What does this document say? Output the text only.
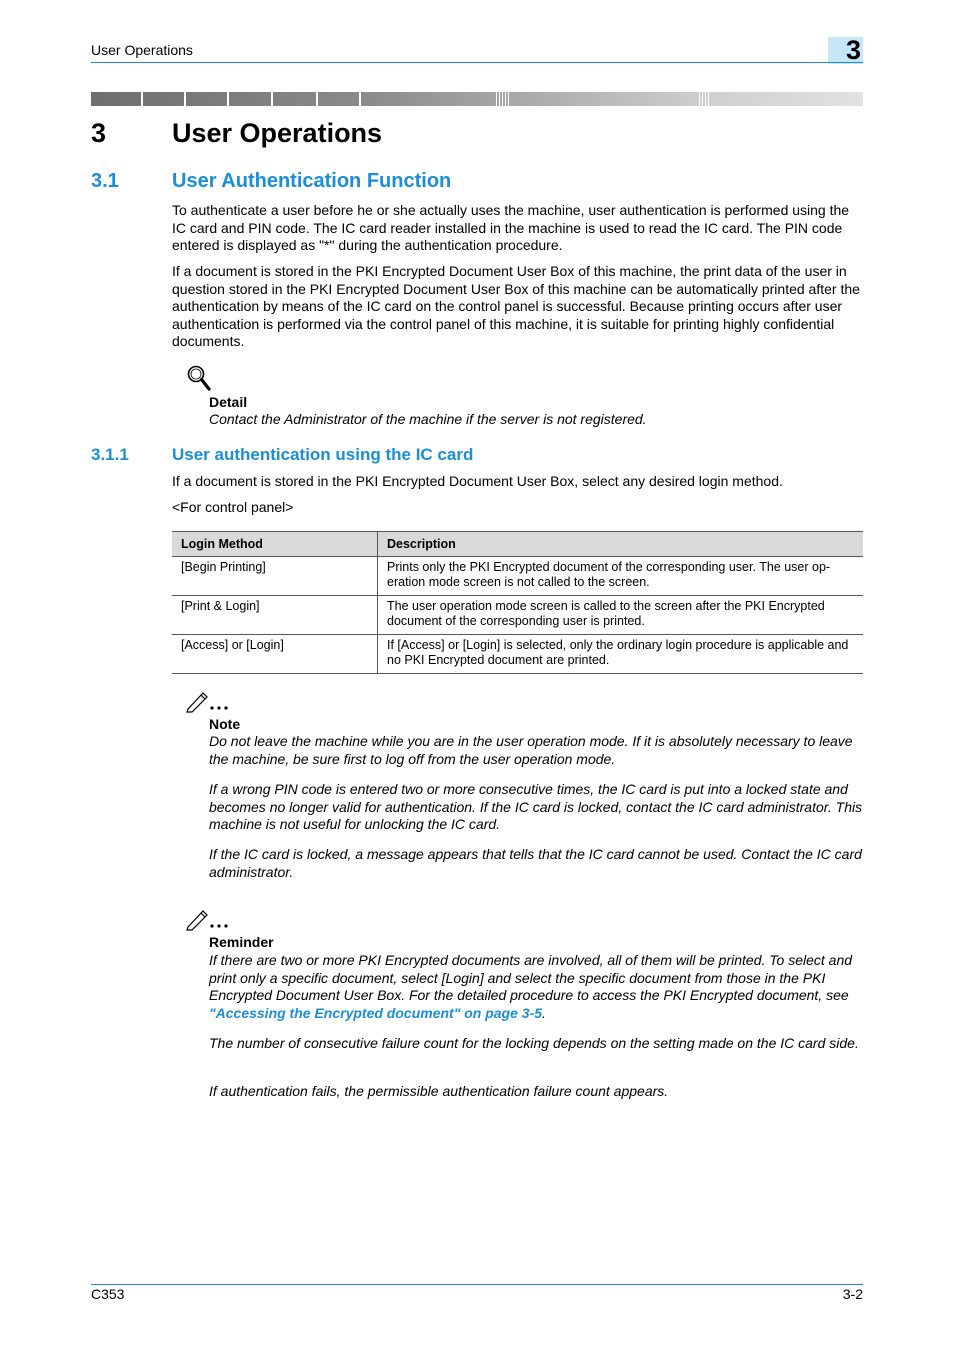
User Operations	3
3 User Operations
3.1	User Authentication Function
To authenticate a user before he or she actually uses the machine, user authentication is performed using the IC card and PIN code. The IC card reader installed in the machine is used to read the IC card. The PIN code entered is displayed as "*" during the authentication procedure.
If a document is stored in the PKI Encrypted Document User Box of this machine, the print data of the user in question stored in the PKI Encrypted Document User Box of this machine can be automatically printed after the authentication by means of the IC card on the control panel is successful. Because printing occurs after user authentication is performed via the control panel of this machine, it is suitable for printing highly confidential documents.
Detail
Contact the Administrator of the machine if the server is not registered.
3.1.1	User authentication using the IC card
If a document is stored in the PKI Encrypted Document User Box, select any desired login method.
<For control panel>
Login Method	Description
[Begin Printing]	Prints only the PKI Encrypted document of the corresponding user. The user op-eration mode screen is not called to the screen.
[Print & Login]	The user operation mode screen is called to the screen after the PKI Encrypted document of the corresponding user is printed.
[Access] or [Login]	If [Access] or [Login] is selected, only the ordinary login procedure is applicable and no PKI Encrypted document are printed.
Note
Do not leave the machine while you are in the user operation mode. If it is absolutely necessary to leave the machine, be sure first to log off from the user operation mode.
If a wrong PIN code is entered two or more consecutive times, the IC card is put into a locked state and becomes no longer valid for authentication. If the IC card is locked, contact the IC card administrator. This machine is not useful for unlocking the IC card.
If the IC card is locked, a message appears that tells that the IC card cannot be used. Contact the IC card administrator.
Reminder
If there are two or more PKI Encrypted documents are involved, all of them will be printed. To select and print only a specific document, select [Login] and select the specific document from those in the PKI Encrypted Document User Box. For the detailed procedure to access the PKI Encrypted document, see "Accessing the Encrypted document" on page 3-5.
The number of consecutive failure count for the locking depends on the setting made on the IC card side.
If authentication fails, the permissible authentication failure count appears.
C353	3-2
